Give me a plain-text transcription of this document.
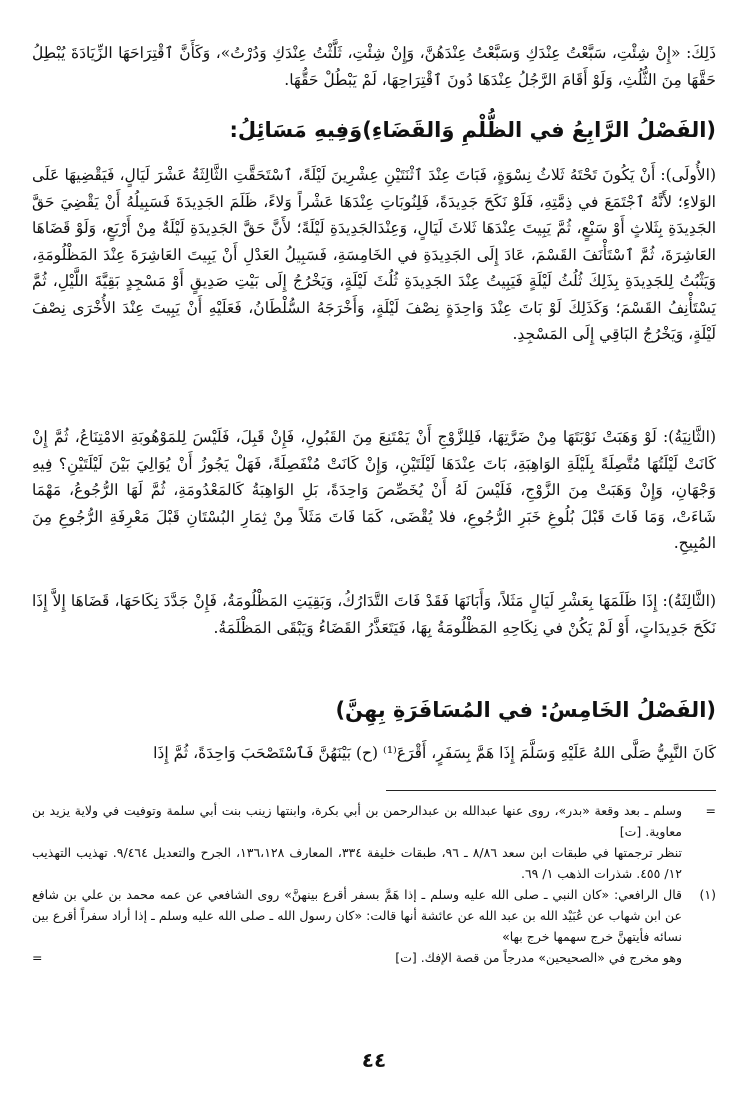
ذَلِكَ: «إِنْ شِئْتِ، سَبَّعْتُ عِنْدَكِ وَسَبَّعْتُ عِنْدَهُنَّ، وَإِنْ شِئْتِ، ثَلَّثْتُ عِنْدَكِ وَدُرْتُ»، وَكَأَنَّ ٱقْتِرَاحَهَا الزِّيَادَةَ يُبْطِلُ حَقَّهَا مِنَ الثُّلُثِ، وَلَوْ أَقَامَ الرَّجُلُ عِنْدَهَا دُونَ ٱقْتِرَاحِهَا، لَمْ يَبْطُلْ حَقُّهَا.

(الفَصْلُ الرَّابِعُ في الظُّلْمِ وَالقَضَاءِ)وَفِيهِ مَسَائِلُ:

(الأُولَى): أَنْ يَكُونَ تَحْتَهُ ثَلاثُ نِسْوَةٍ، فَبَاتَ عِنْدَ ٱثْنَتَيْنِ عِشْرِينَ لَيْلَةً، ٱسْتَحَقَّتِ الثَّالِثَةُ عَشْرَ لَيَالٍ، فَيَقْضِيهَا عَلَى الوَلاءِ؛ لأَنَّهُ ٱجْتَمَعَ في ذِمَّتِهِ، فَلَوْ نَكَحَ جَدِيدَةً، فَلِنُوبَاتِ عِنْدَهَا عَشْراً وَلاءً، ظَلَمَ الجَدِيدَةَ فَسَبِيلُهُ أَنْ يَقْضِيَ حَقَّ الجَدِيدَةِ بِثَلاثٍ أَوْ سَبْعٍ، ثُمَّ يَبِيتَ عِنْدَهَا ثَلاثَ لَيَالٍ، وَعِنْدَالجَدِيدَةِ لَيْلَةً؛ لأَنَّ حَقَّ الجَدِيدَةِ لَيْلَةٌ مِنْ أَرْبَعٍ، وَلَوْ قَضَاهَا العَاشِرَةَ، ثُمَّ ٱسْتَأْنَفَ القَسْمَ، عَادَ إِلَى الجَدِيدَةِ في الخَامِسَةِ، فَسَبِيلُ العَدْلِ أَنْ يَبِيتَ العَاشِرَةَ عِنْدَ المَظْلُومَةِ، وَيَثْبُتُ لِلجَدِيدَةِ بِذَلِكَ ثُلُثُ لَيْلَةٍ فَيَبِيتُ عِنْدَ الجَدِيدَةِ ثُلُثَ لَيْلَةٍ، وَيَخْرُجُ إِلَى بَيْتِ صَدِيقٍ أَوْ مَسْجِدٍ بَقِيَّةَ اللَّيْلِ، ثُمَّ يَسْتَأْنِفُ القَسْمَ؛ وَكَذَلِكَ لَوْ بَاتَ عِنْدَ وَاحِدَةٍ نِصْفَ لَيْلَةٍ، وَأَخْرَجَهُ السُّلْطَانُ، فَعَلَيْهِ أَنْ يَبِيتَ عِنْدَ الأُخْرَى نِصْفَ لَيْلَةٍ، وَيَخْرُجُ البَاقِي إِلَى المَسْجِدِ.

(الثَّانِيَةُ): لَوْ وَهَبَتْ نَوْبَتَهَا مِنْ ضَرَّتِهَا، فَلِلزَّوْجِ أَنْ يَمْتَنِعَ مِنَ القَبُولِ، فَإِنْ قَبِلَ، فَلَيْسَ لِلمَوْهُوبَةِ الامْتِنَاعُ، ثُمَّ إِنْ كَانَتْ لَيْلَتُهَا مُتَّصِلَةً بِلَيْلَةِ الوَاهِبَةِ، بَاتَ عِنْدَهَا لَيْلَتَيْنِ، وَإِنْ كَانَتْ مُنْفَصِلَةً، فَهَلْ يَجُوزُ أَنْ يُوَالِيَ بَيْنَ لَيْلَتَيْنِ؟ فِيهِ وَجْهَانِ، وَإِنْ وَهَبَتْ مِنَ الزَّوْجِ، فَلَيْسَ لَهُ أَنْ يُخَصِّصَ وَاحِدَةً، بَلِ الوَاهِبَةُ كَالمَعْدُومَةِ، ثُمَّ لَهَا الرُّجُوعُ، مَهْمَا شَاءَتْ، وَمَا فَاتَ قَبْلَ بُلُوغِ خَبَرِ الرُّجُوعِ، فلا يُقْضَى، كَمَا فَاتَ مَثَلاً مِنْ ثِمَارِ البُسْتَانِ قَبْلَ مَعْرِفَةِ الرُّجُوعِ مِنَ المُبِيحِ.

(الثَّالِثَةُ): إِذَا ظَلَمَهَا بِعَشْرِ لَيَالٍ مَثَلاً، وَأَبَانَهَا فَقَدْ فَاتَ التَّدَارُكُ، وَبَقِيَتِ المَظْلُومَةُ، فَإِنْ جَدَّدَ نِكَاحَهَا، قَضَاهَا إِلاَّ إِذَا نَكَحَ جَدِيدَاتٍ، أَوْ لَمْ يَكُنْ في نِكَاحِهِ المَظْلُومَةُ بِهَا، فَيَتَعَذَّرُ القَضَاءُ وَيَبْقَى المَظْلَمَةُ.

(الفَصْلُ الخَامِسُ: في المُسَافَرَةِ بِهِنَّ)

كَانَ النَّبِيُّ صَلَّى اللهُ عَلَيْهِ وَسَلَّمَ إِذَا هَمَّ بِسَفَرٍ، أَقْرَعَ⁽¹⁾ (ح) بَيْنَهُنَّ فَٱسْتَصْحَبَ وَاحِدَةً، ثُمَّ إِذَا

=
وسلم ـ بعد وقعة «بدر»، روى عنها عبدالله بن عبدالرحمن بن أبي بكرة، وابنتها زينب بنت أبي سلمة وتوفيت في ولاية يزيد بن معاوية. [ت]
تنظر ترجمتها في طبقات ابن سعد ٨/٨٦ ـ ٩٦، طبقات خليفة ٣٣٤، المعارف ١٣٦،١٢٨، الجرح والتعديل ٩/٤٦٤. تهذيب التهذيب ١٢/ ٤٥٥. شذرات الذهب ١/ ٦٩.
(١)
قال الرافعي: «كان النبي ـ صلى الله عليه وسلم ـ إذا هَمَّ بسفر أقرع بينهنَّ» روى الشافعي عن عمه محمد بن علي بن شافع عن ابن شهاب عن عُبَيْد الله بن عبد الله عن عائشة أنها قالت: «كان رسول الله ـ صلى الله عليه وسلم ـ إذا أراد سفراً أقرع بين نسائه فأيتهنَّ خرج سهمها خرج بها»
وهو مخرج في «الصحيحين» مدرجاً من قصة الإفك. [ت]
=
٤٤
